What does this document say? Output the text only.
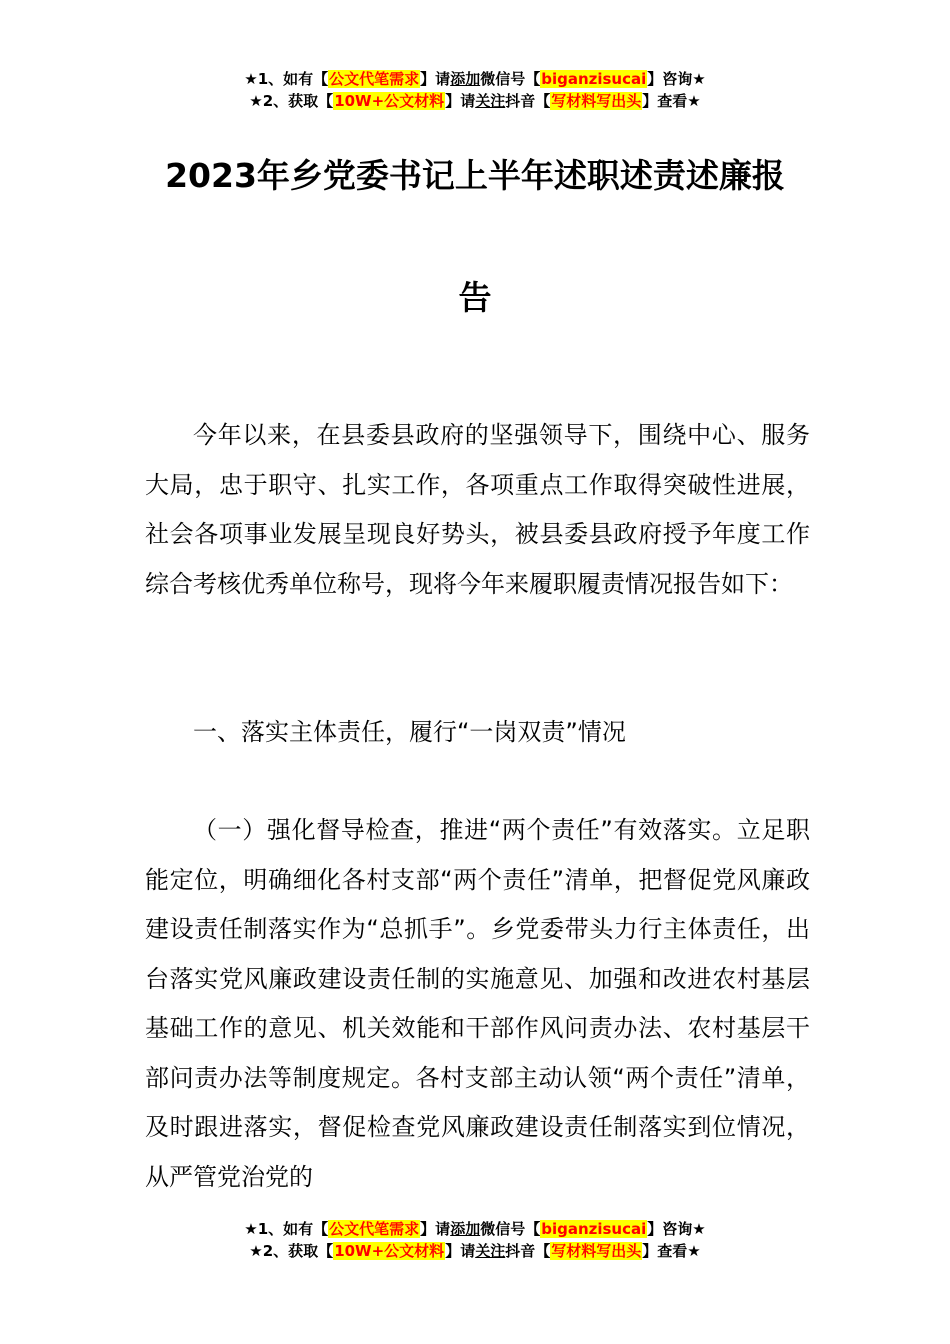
★1、如有【公文代笔需求】请添加微信号【biganzisucai】咨询★
★2、获取【10W+公文材料】请关注抖音【写材料写出头】查看★
2023年乡党委书记上半年述职述责述廉报
告

今年以来，在县委县政府的坚强领导下，围绕中心、服务大局，忠于职守、扎实工作，各项重点工作取得突破性进展，社会各项事业发展呈现良好势头，被县委县政府授予年度工作综合考核优秀单位称号，现将今年来履职履责情况报告如下：

一、落实主体责任，履行“一岗双责”情况

（一）强化督导检查，推进“两个责任”有效落实。立足职能定位，明确细化各村支部“两个责任”清单，把督促党风廉政建设责任制落实作为“总抓手”。乡党委带头力行主体责任，出台落实党风廉政建设责任制的实施意见、加强和改进农村基层基础工作的意见、机关效能和干部作风问责办法、农村基层干部问责办法等制度规定。各村支部主动认领“两个责任”清单，及时跟进落实，督促检查党风廉政建设责任制落实到位情况，从严管党治党的

★1、如有【公文代笔需求】请添加微信号【biganzisucai】咨询★
★2、获取【10W+公文材料】请关注抖音【写材料写出头】查看★
